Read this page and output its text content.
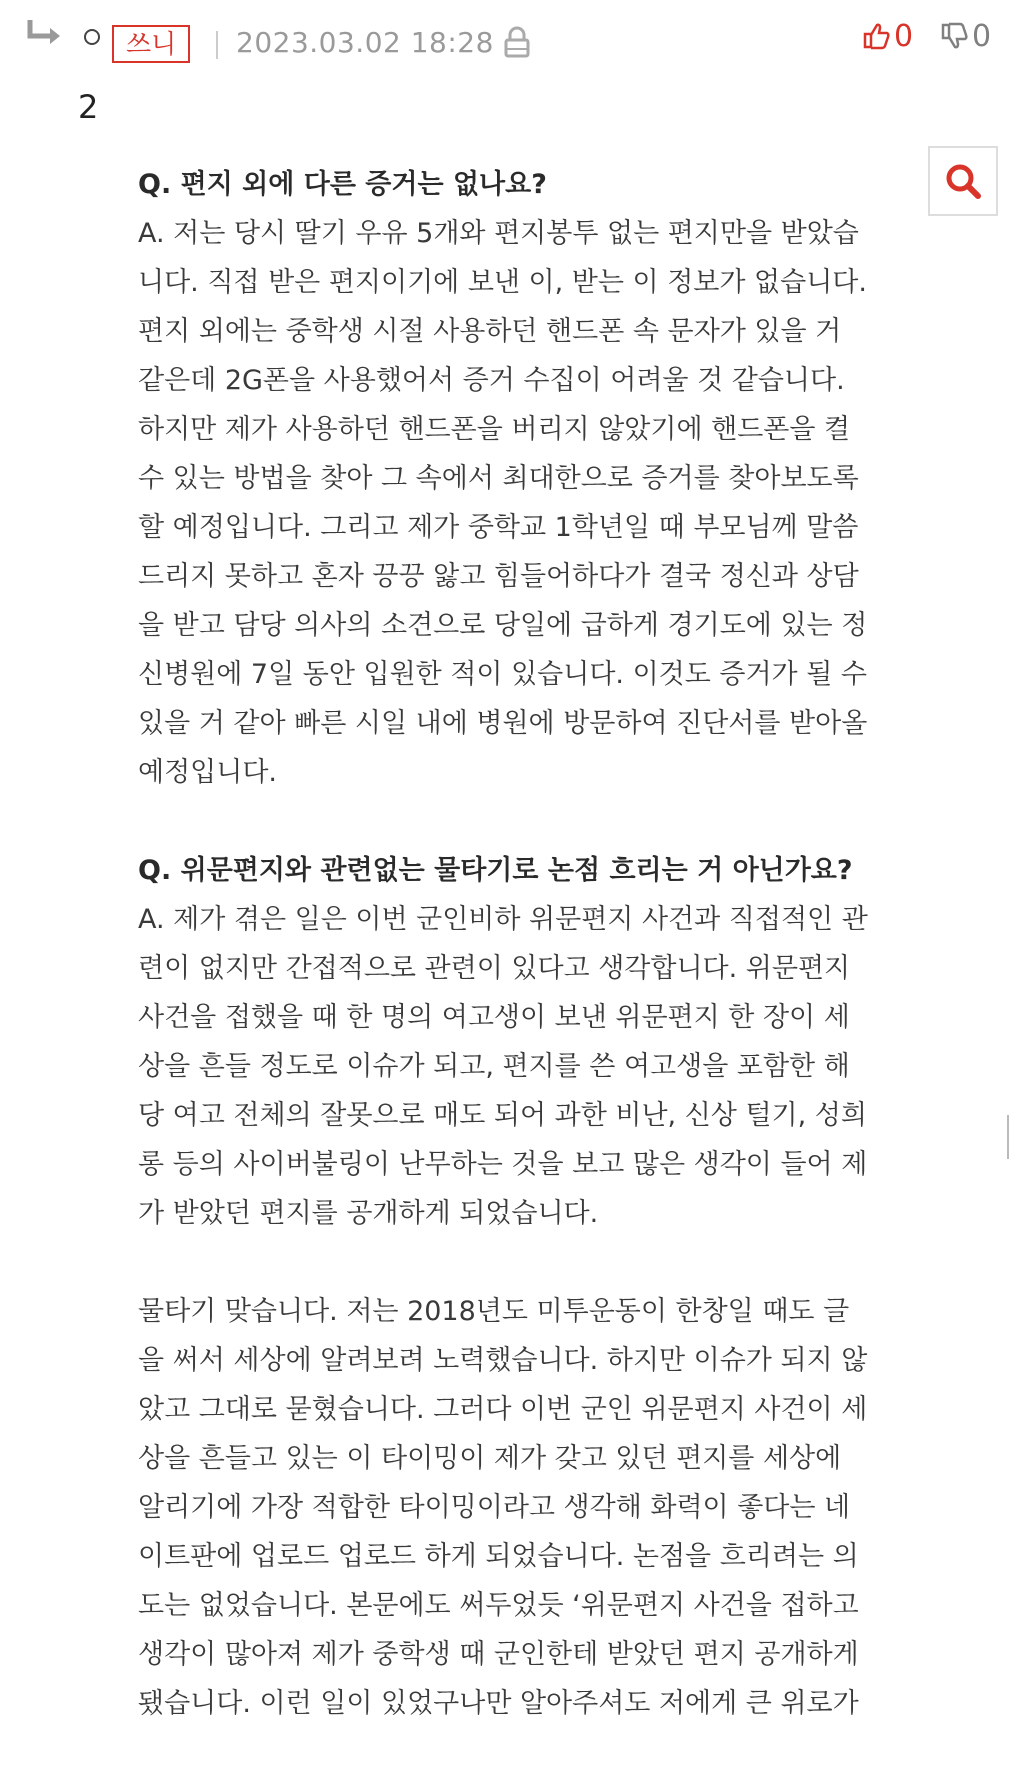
쓰니	2023.03.02 18:28	0 0
2

Q. 편지 외에 다른 증거는 없나요?

A. 저는 당시 딸기 우유 5개와 편지봉투 없는 편지만을 받았습

니다. 직접 받은 편지이기에 보낸 이, 받는 이 정보가 없습니다.

편지 외에는 중학생 시절 사용하던 핸드폰 속 문자가 있을 거

같은데 2G폰을 사용했어서 증거 수집이 어려울 것 같습니다.

하지만 제가 사용하던 핸드폰을 버리지 않았기에 핸드폰을 켤

수 있는 방법을 찾아 그 속에서 최대한으로 증거를 찾아보도록

할 예정입니다. 그리고 제가 중학교 1학년일 때 부모님께 말씀

드리지 못하고 혼자 끙끙 앓고 힘들어하다가 결국 정신과 상담

을 받고 담당 의사의 소견으로 당일에 급하게 경기도에 있는 정

신병원에 7일 동안 입원한 적이 있습니다. 이것도 증거가 될 수

있을 거 같아 빠른 시일 내에 병원에 방문하여 진단서를 받아올

예정입니다.

Q. 위문편지와 관련없는 물타기로 논점 흐리는 거 아닌가요?

A. 제가 겪은 일은 이번 군인비하 위문편지 사건과 직접적인 관

련이 없지만 간접적으로 관련이 있다고 생각합니다. 위문편지

사건을 접했을 때 한 명의 여고생이 보낸 위문편지 한 장이 세

상을 흔들 정도로 이슈가 되고, 편지를 쓴 여고생을 포함한 해

당 여고 전체의 잘못으로 매도 되어 과한 비난, 신상 털기, 성희

롱 등의 사이버불링이 난무하는 것을 보고 많은 생각이 들어 제

가 받았던 편지를 공개하게 되었습니다.

물타기 맞습니다. 저는 2018년도 미투운동이 한창일 때도 글

을 써서 세상에 알려보려 노력했습니다. 하지만 이슈가 되지 않

았고 그대로 묻혔습니다. 그러다 이번 군인 위문편지 사건이 세

상을 흔들고 있는 이 타이밍이 제가 갖고 있던 편지를 세상에

알리기에 가장 적합한 타이밍이라고 생각해 화력이 좋다는 네

이트판에 업로드 업로드 하게 되었습니다. 논점을 흐리려는 의

도는 없었습니다. 본문에도 써두었듯 ‘위문편지 사건을 접하고

생각이 많아져 제가 중학생 때 군인한테 받았던 편지 공개하게

됐습니다. 이런 일이 있었구나만 알아주셔도 저에게 큰 위로가
